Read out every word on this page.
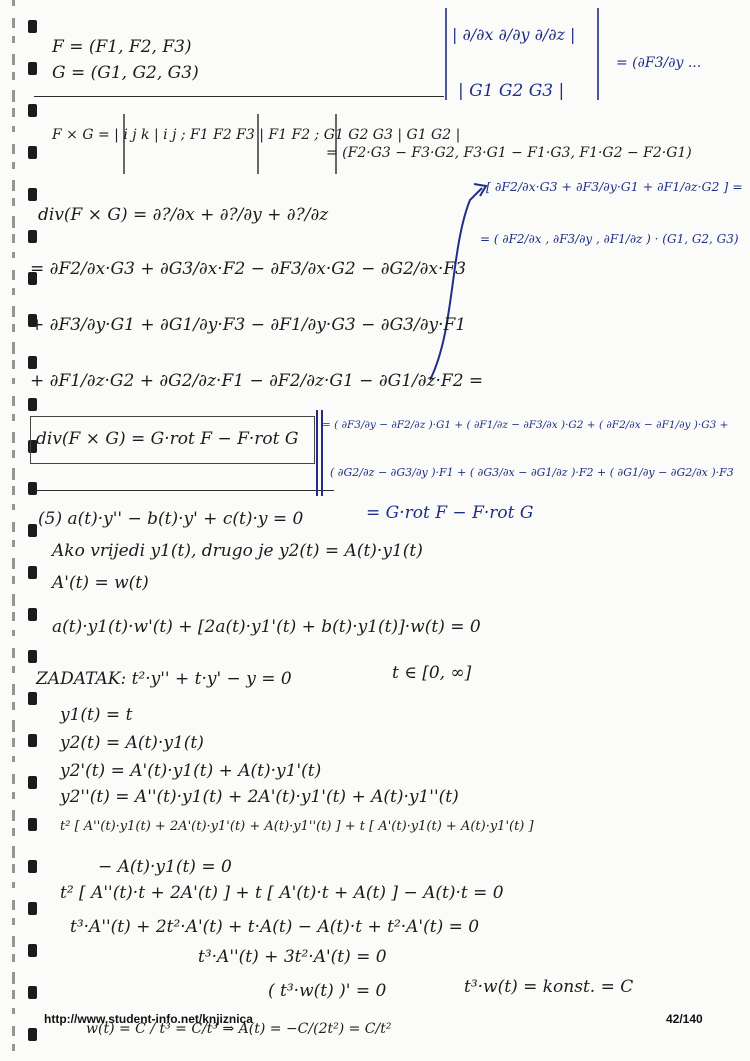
F = (F1, F2, F3)
G = (G1, G2, G3)
F × G = | i j k | i j ; F1 F2 F3 | F1 F2 ; G1 G2 G3 | G1 G2 |
= (F2·G3 − F3·G2, F3·G1 − F1·G3, F1·G2 − F2·G1)
div(F × G) = ∂?/∂x + ∂?/∂y + ∂?/∂z
= ∂F2/∂x·G3 + ∂G3/∂x·F2 − ∂F3/∂x·G2 − ∂G2/∂x·F3
+ ∂F3/∂y·G1 + ∂G1/∂y·F3 − ∂F1/∂y·G3 − ∂G3/∂y·F1
+ ∂F1/∂z·G2 + ∂G2/∂z·F1 − ∂F2/∂z·G1 − ∂G1/∂z·F2 =
div(F × G) = G·rot F − F·rot G
(5) a(t)·y'' − b(t)·y' + c(t)·y = 0
Ako vrijedi y1(t), drugo je y2(t) = A(t)·y1(t)
A'(t) = w(t)
a(t)·y1(t)·w'(t) + [2a(t)·y1'(t) + b(t)·y1(t)]·w(t) = 0
t ∈ [0, ∞]
ZADATAK: t²·y'' + t·y' − y = 0
y1(t) = t
y2(t) = A(t)·y1(t)
y2'(t) = A'(t)·y1(t) + A(t)·y1'(t)
y2''(t) = A''(t)·y1(t) + 2A'(t)·y1'(t) + A(t)·y1''(t)
t² [ A''(t)·y1(t) + 2A'(t)·y1'(t) + A(t)·y1''(t) ] + t [ A'(t)·y1(t) + A(t)·y1'(t) ]
− A(t)·y1(t) = 0
t² [ A''(t)·t + 2A'(t) ] + t [ A'(t)·t + A(t) ] − A(t)·t = 0
t³·A''(t) + 2t²·A'(t) + t·A(t) − A(t)·t + t²·A'(t) = 0
t³·A''(t) + 3t²·A'(t) = 0
( t³·w(t) )' = 0	t³·w(t) = konst. = C
w(t) = C / t³ = C/t³ ⇒ A(t) = −C/(2t²) = C/t²
| ∂/∂x ∂/∂y ∂/∂z |
| G1 G2 G3 |
= (∂F3/∂y ...
[ ∂F2/∂x·G3 + ∂F3/∂y·G1 + ∂F1/∂z·G2 ] =
= ( ∂F2/∂x , ∂F3/∂y , ∂F1/∂z ) · (G1, G2, G3)
= ( ∂F3/∂y − ∂F2/∂z )·G1 + ( ∂F1/∂z − ∂F3/∂x )·G2 + ( ∂F2/∂x − ∂F1/∂y )·G3 +
( ∂G2/∂z − ∂G3/∂y )·F1 + ( ∂G3/∂x − ∂G1/∂z )·F2 + ( ∂G1/∂y − ∂G2/∂x )·F3
= G·rot F − F·rot G
http://www.student-info.net/knjiznica	42/140
